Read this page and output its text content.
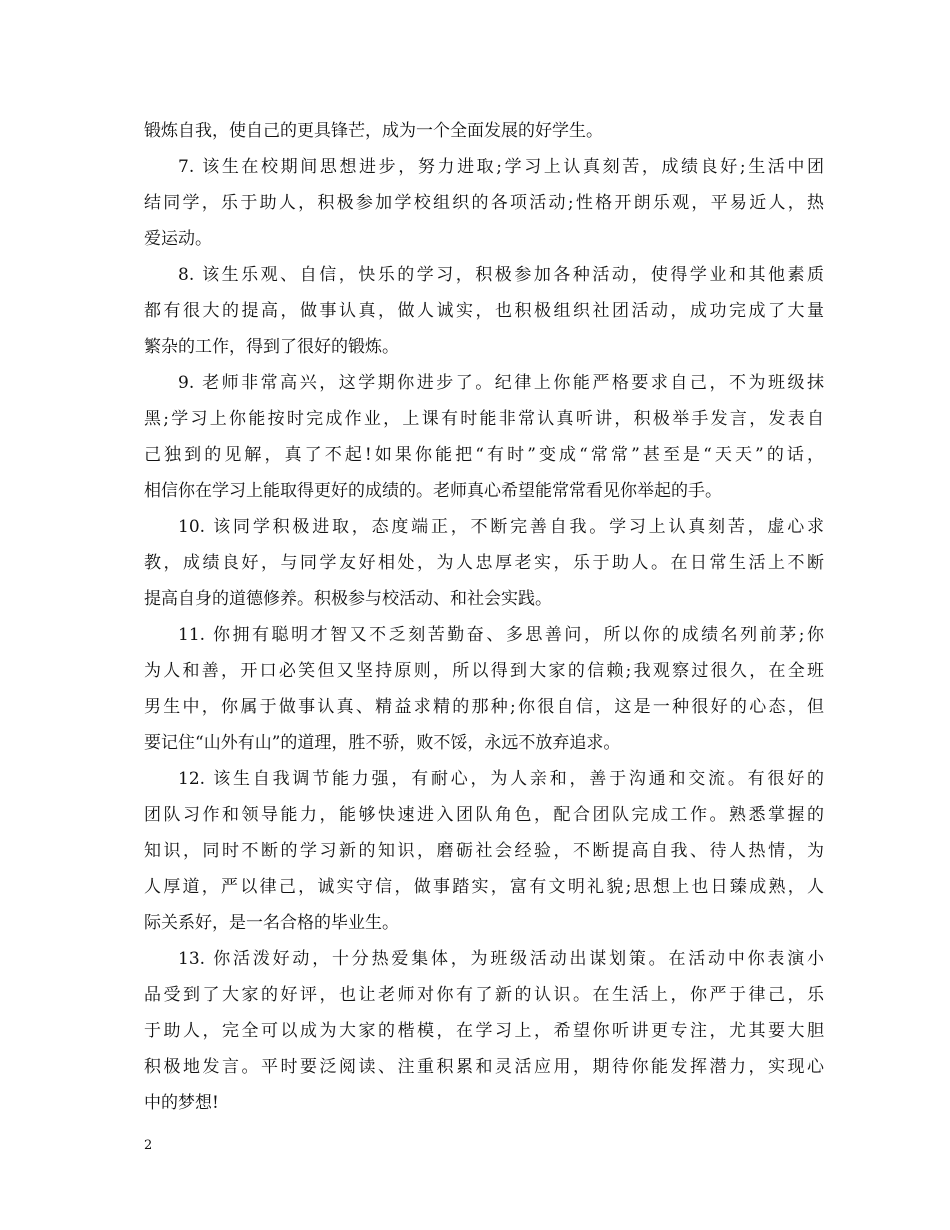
锻炼自我，使自己的更具锋芒，成为一个全面发展的好学生。
7. 该生在校期间思想进步，努力进取;学习上认真刻苦，成绩良好;生活中团
结同学，乐于助人，积极参加学校组织的各项活动;性格开朗乐观，平易近人，热
爱运动。
8. 该生乐观、自信，快乐的学习，积极参加各种活动，使得学业和其他素质
都有很大的提高，做事认真，做人诚实，也积极组织社团活动，成功完成了大量
繁杂的工作，得到了很好的锻炼。
9. 老师非常高兴，这学期你进步了。纪律上你能严格要求自己，不为班级抹
黑;学习上你能按时完成作业，上课有时能非常认真听讲，积极举手发言，发表自
己独到的见解，真了不起!如果你能把“有时”变成“常常”甚至是“天天”的话，
相信你在学习上能取得更好的成绩的。老师真心希望能常常看见你举起的手。
10. 该同学积极进取，态度端正，不断完善自我。学习上认真刻苦，虚心求
教，成绩良好，与同学友好相处，为人忠厚老实，乐于助人。在日常生活上不断
提高自身的道德修养。积极参与校活动、和社会实践。
11. 你拥有聪明才智又不乏刻苦勤奋、多思善问，所以你的成绩名列前茅;你
为人和善，开口必笑但又坚持原则，所以得到大家的信赖;我观察过很久，在全班
男生中，你属于做事认真、精益求精的那种;你很自信，这是一种很好的心态，但
要记住“山外有山”的道理，胜不骄，败不馁，永远不放弃追求。
12. 该生自我调节能力强，有耐心，为人亲和，善于沟通和交流。有很好的
团队习作和领导能力，能够快速进入团队角色，配合团队完成工作。熟悉掌握的
知识，同时不断的学习新的知识，磨砺社会经验，不断提高自我、待人热情，为
人厚道，严以律己，诚实守信，做事踏实，富有文明礼貌;思想上也日臻成熟，人
际关系好，是一名合格的毕业生。
13. 你活泼好动，十分热爱集体，为班级活动出谋划策。在活动中你表演小
品受到了大家的好评，也让老师对你有了新的认识。在生活上，你严于律己，乐
于助人，完全可以成为大家的楷模，在学习上，希望你听讲更专注，尤其要大胆
积极地发言。平时要泛阅读、注重积累和灵活应用，期待你能发挥潜力，实现心
中的梦想!
2
